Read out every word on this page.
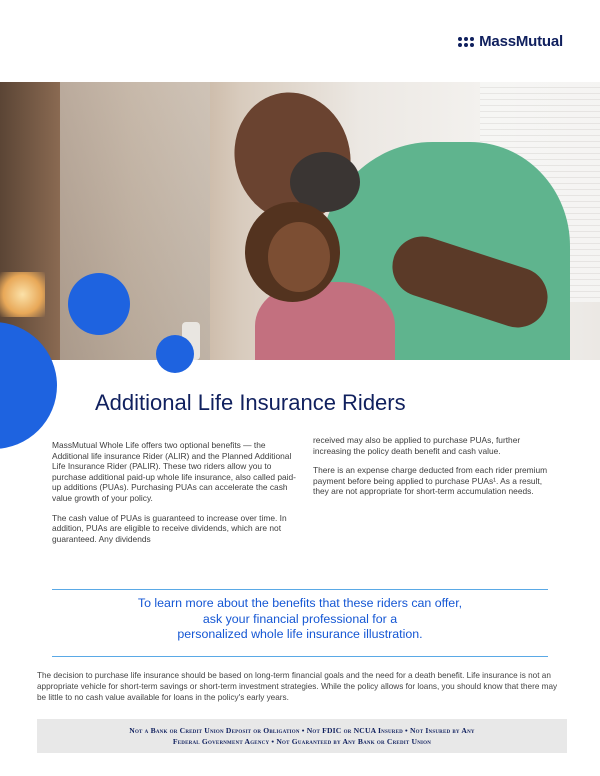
MassMutual
Additional Life Insurance Riders

MassMutual Whole Life offers two optional benefits — the Additional life insurance Rider (ALIR) and the Planned Additional Life Insurance Rider (PALIR). These two riders allow you to purchase additional paid-up whole life insurance, also called paid-up additions (PUAs). Purchasing PUAs can accelerate the cash value growth of your policy.

The cash value of PUAs is guaranteed to increase over time. In addition, PUAs are eligible to receive dividends, which are not guaranteed. Any dividends

received may also be applied to purchase PUAs, further increasing the policy death benefit and cash value.

There is an expense charge deducted from each rider premium payment before being applied to purchase PUAs¹. As a result, they are not appropriate for short-term accumulation needs.

To learn more about the benefits that these riders can offer,
ask your financial professional for a
personalized whole life insurance illustration.

The decision to purchase life insurance should be based on long-term financial goals and the need for a death benefit. Life insurance is not an appropriate vehicle for short-term savings or short-term investment strategies. While the policy allows for loans, you should know that there may be little to no cash value available for loans in the policy's early years.

Not a Bank or Credit Union Deposit or Obligation • Not FDIC or NCUA Insured • Not Insured by Any
Federal Government Agency • Not Guaranteed by Any Bank or Credit Union
